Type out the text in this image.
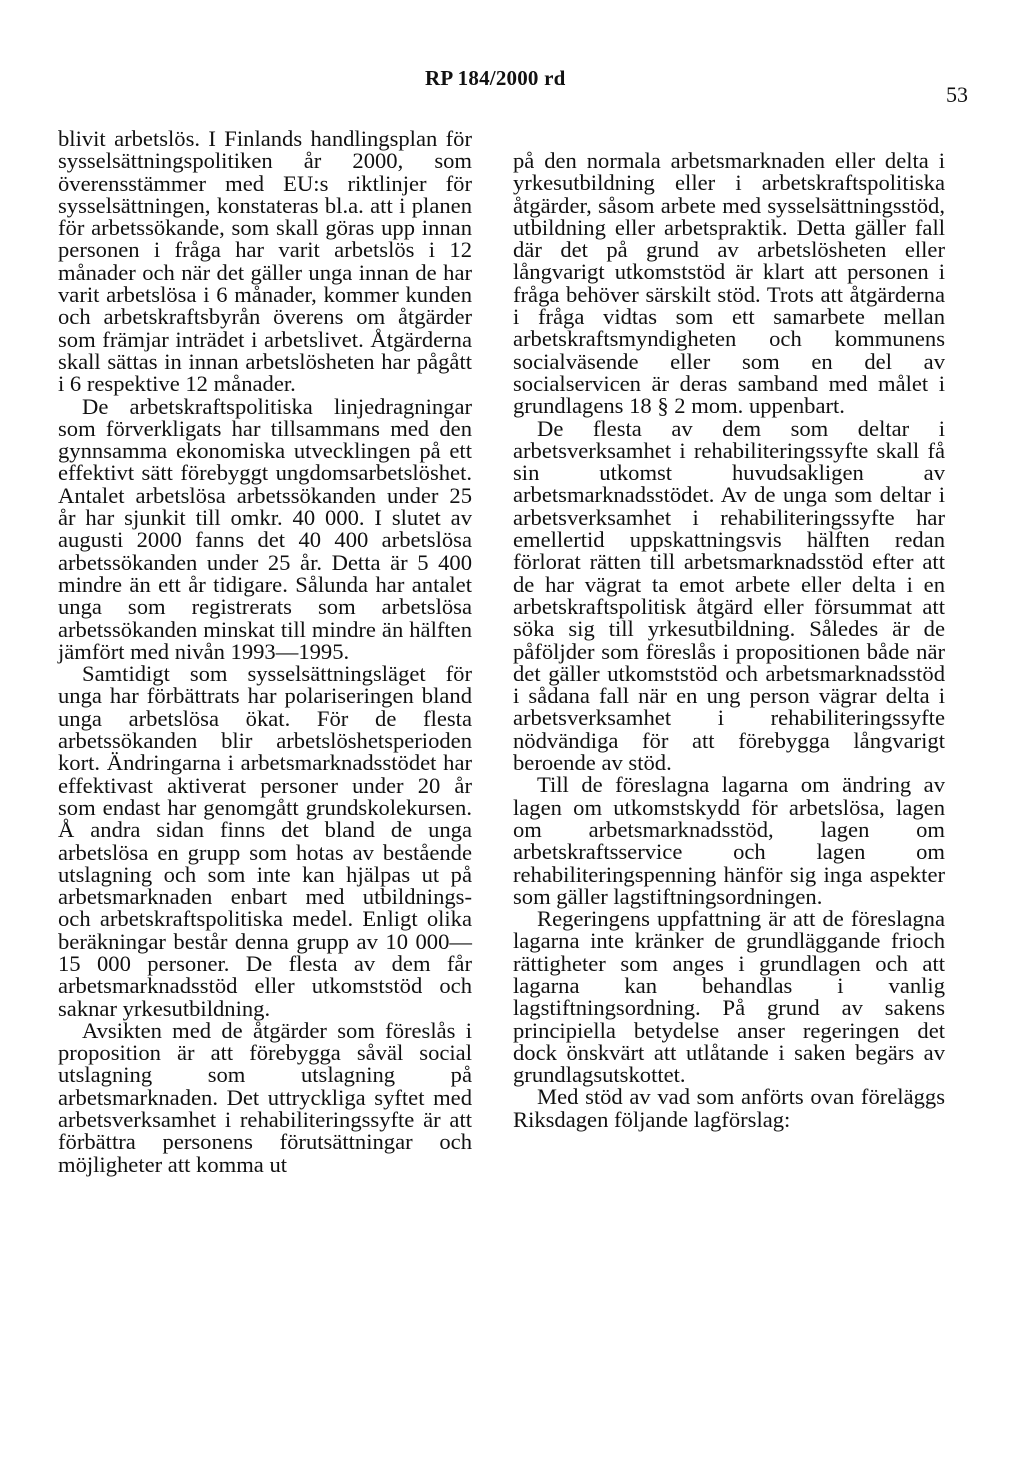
RP 184/2000 rd
53

blivit arbetslös. I Finlands handlingsplan för sysselsättningspolitiken år 2000, som överensstämmer med EU:s riktlinjer för sysselsättningen, konstateras bl.a. att i planen för arbetssökande, som skall göras upp innan personen i fråga har varit arbetslös i 12 månader och när det gäller unga innan de har varit arbetslösa i 6 månader, kommer kunden och arbetskraftsbyrån överens om åtgärder som främjar inträdet i arbetslivet. Åtgärderna skall sättas in innan arbetslösheten har pågått i 6 respektive 12 månader.

De arbetskraftspolitiska linjedragningar som förverkligats har tillsammans med den gynnsamma ekonomiska utvecklingen på ett effektivt sätt förebyggt ungdomsarbetslöshet. Antalet arbetslösa arbetssökanden under 25 år har sjunkit till omkr. 40 000. I slutet av augusti 2000 fanns det 40 400 arbetslösa arbetssökanden under 25 år. Detta är 5 400 mindre än ett år tidigare. Sålunda har antalet unga som registrerats som arbetslösa arbetssökanden minskat till mindre än hälften jämfört med nivån 1993—1995.

Samtidigt som sysselsättningsläget för unga har förbättrats har polariseringen bland unga arbetslösa ökat. För de flesta arbetssökanden blir arbetslöshetsperioden kort. Ändringarna i arbetsmarknadsstödet har effektivast aktiverat personer under 20 år som endast har genomgått grundskolekursen. Å andra sidan finns det bland de unga arbetslösa en grupp som hotas av bestående utslagning och som inte kan hjälpas ut på arbetsmarknaden enbart med utbildnings- och arbetskraftspolitiska medel. Enligt olika beräkningar består denna grupp av 10 000—15 000 personer. De flesta av dem får arbetsmarknadsstöd eller utkomststöd och saknar yrkesutbildning.

Avsikten med de åtgärder som föreslås i proposition är att förebygga såväl social utslagning som utslagning på arbetsmarknaden. Det uttryckliga syftet med arbetsverksamhet i rehabiliteringssyfte är att förbättra personens förutsättningar och möjligheter att komma ut

på den normala arbetsmarknaden eller delta i yrkesutbildning eller i arbetskraftspolitiska åtgärder, såsom arbete med sysselsättningsstöd, utbildning eller arbetspraktik. Detta gäller fall där det på grund av arbetslösheten eller långvarigt utkomststöd är klart att personen i fråga behöver särskilt stöd. Trots att åtgärderna i fråga vidtas som ett samarbete mellan arbetskraftsmyndigheten och kommunens socialväsende eller som en del av socialservicen är deras samband med målet i grundlagens 18 § 2 mom. uppenbart.

De flesta av dem som deltar i arbetsverksamhet i rehabiliteringssyfte skall få sin utkomst huvudsakligen av arbetsmarknadsstödet. Av de unga som deltar i arbetsverksamhet i rehabiliteringssyfte har emellertid uppskattningsvis hälften redan förlorat rätten till arbetsmarknadsstöd efter att de har vägrat ta emot arbete eller delta i en arbetskraftspolitisk åtgärd eller försummat att söka sig till yrkesutbildning. Således är de påföljder som föreslås i propositionen både när det gäller utkomststöd och arbetsmarknadsstöd i sådana fall när en ung person vägrar delta i arbetsverksamhet i rehabiliteringssyfte nödvändiga för att förebygga långvarigt beroende av stöd.

Till de föreslagna lagarna om ändring av lagen om utkomstskydd för arbetslösa, lagen om arbetsmarknadsstöd, lagen om arbetskraftsservice och lagen om rehabiliteringspenning hänför sig inga aspekter som gäller lagstiftningsordningen.

Regeringens uppfattning är att de föreslagna lagarna inte kränker de grundläggande frioch rättigheter som anges i grundlagen och att lagarna kan behandlas i vanlig lagstiftningsordning. På grund av sakens principiella betydelse anser regeringen det dock önskvärt att utlåtande i saken begärs av grundlagsutskottet.

Med stöd av vad som anförts ovan föreläggs Riksdagen följande lagförslag:
